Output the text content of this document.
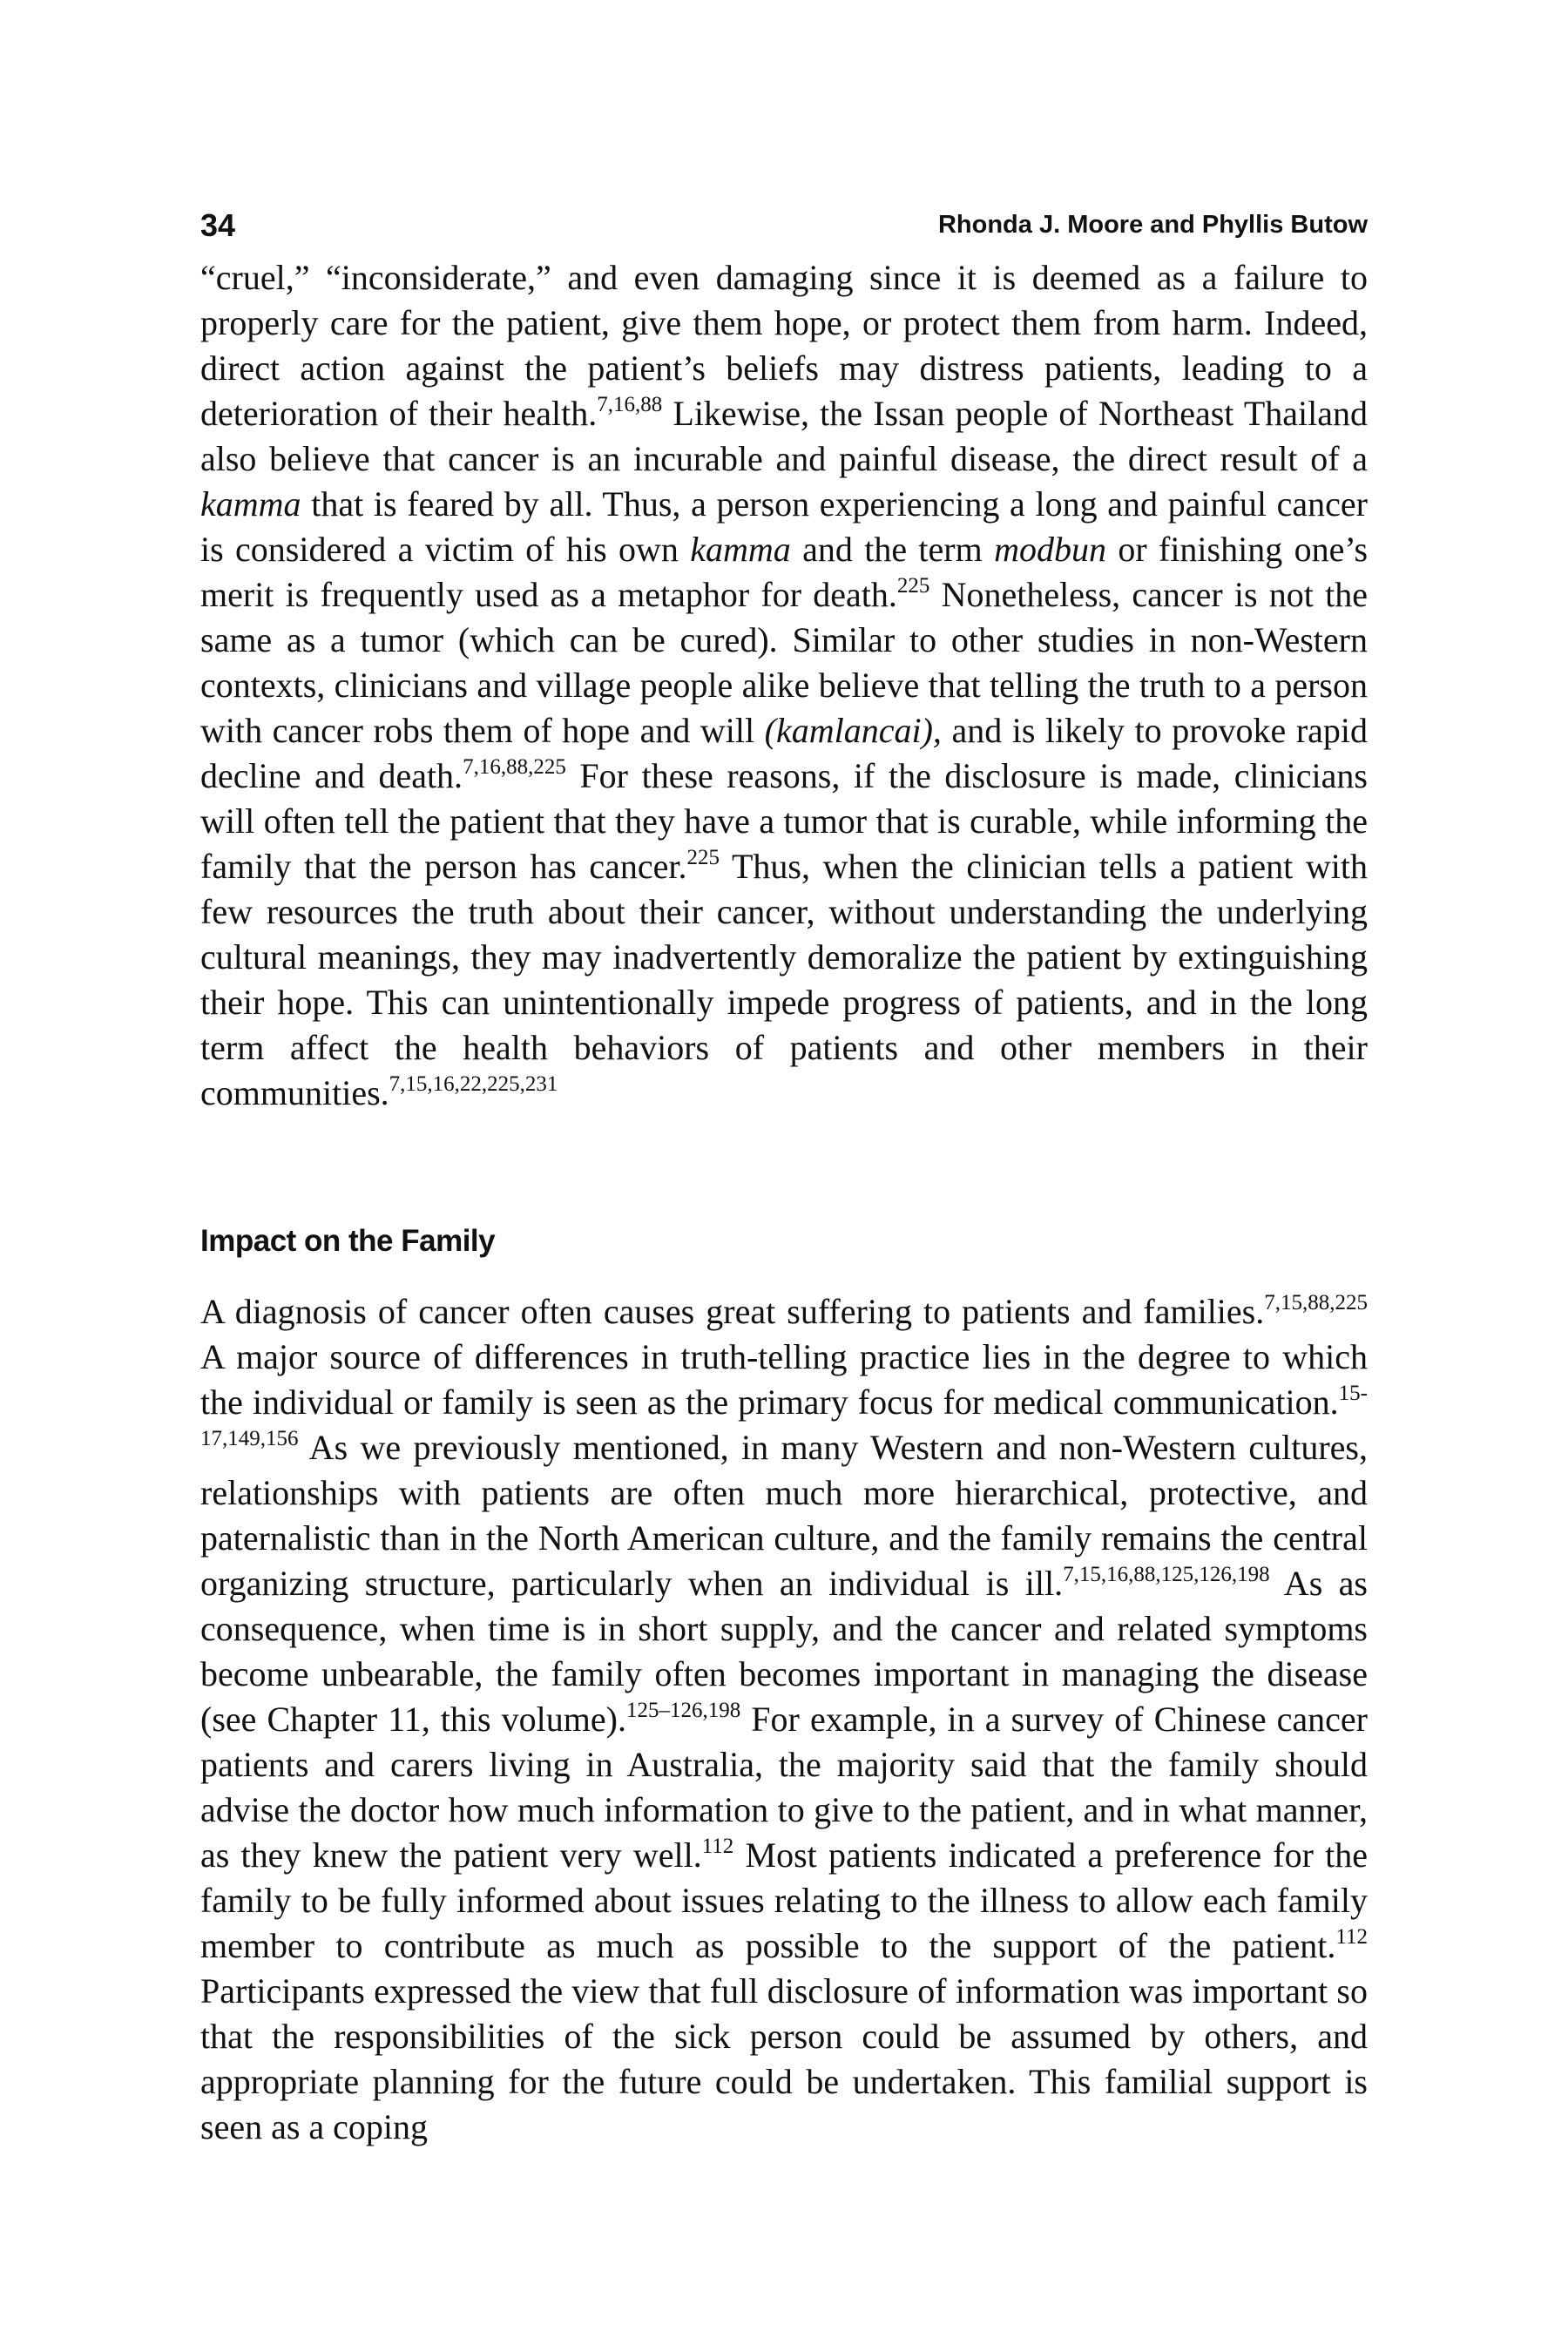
34	Rhonda J. Moore and Phyllis Butow

“cruel,” “inconsiderate,” and even damaging since it is deemed as a failure to properly care for the patient, give them hope, or protect them from harm. Indeed, direct action against the patient’s beliefs may distress patients, leading to a deterioration of their health.$^{7,16,88}$ Likewise, the Issan people of Northeast Thailand also believe that cancer is an incurable and painful disease, the direct result of a kamma that is feared by all. Thus, a person experiencing a long and painful cancer is considered a victim of his own kamma and the term modbun or finishing one’s merit is frequently used as a metaphor for death.$^{225}$ Nonetheless, cancer is not the same as a tumor (which can be cured). Similar to other studies in non-Western contexts, clinicians and village people alike believe that telling the truth to a person with cancer robs them of hope and will (kamlancai), and is likely to provoke rapid decline and death.$^{7,16,88,225}$ For these reasons, if the disclosure is made, clinicians will often tell the patient that they have a tumor that is curable, while informing the family that the person has cancer.$^{225}$ Thus, when the clinician tells a patient with few resources the truth about their cancer, without understanding the underlying cultural meanings, they may inadvertently demoralize the patient by extinguishing their hope. This can unintentionally impede progress of patients, and in the long term affect the health behaviors of patients and other members in their communities.$^{7,15,16,22,225,231}$

Impact on the Family

A diagnosis of cancer often causes great suffering to patients and families.$^{7,15,88,225}$ A major source of differences in truth-telling practice lies in the degree to which the individual or family is seen as the primary focus for medical communication.$^{15-17,149,156}$ As we previously mentioned, in many Western and non-Western cultures, relationships with patients are often much more hierarchical, protective, and paternalistic than in the North American culture, and the family remains the central organizing structure, particularly when an individual is ill.$^{7,15,16,88,125,126,198}$ As as consequence, when time is in short supply, and the cancer and related symptoms become unbearable, the family often becomes important in managing the disease (see Chapter 11, this volume).$^{125-126,198}$ For example, in a survey of Chinese cancer patients and carers living in Australia, the majority said that the family should advise the doctor how much information to give to the patient, and in what manner, as they knew the patient very well.$^{112}$ Most patients indicated a preference for the family to be fully informed about issues relating to the illness to allow each family member to contribute as much as possible to the support of the patient.$^{112}$ Participants expressed the view that full disclosure of information was important so that the responsibilities of the sick person could be assumed by others, and appropriate planning for the future could be undertaken. This familial support is seen as a coping
